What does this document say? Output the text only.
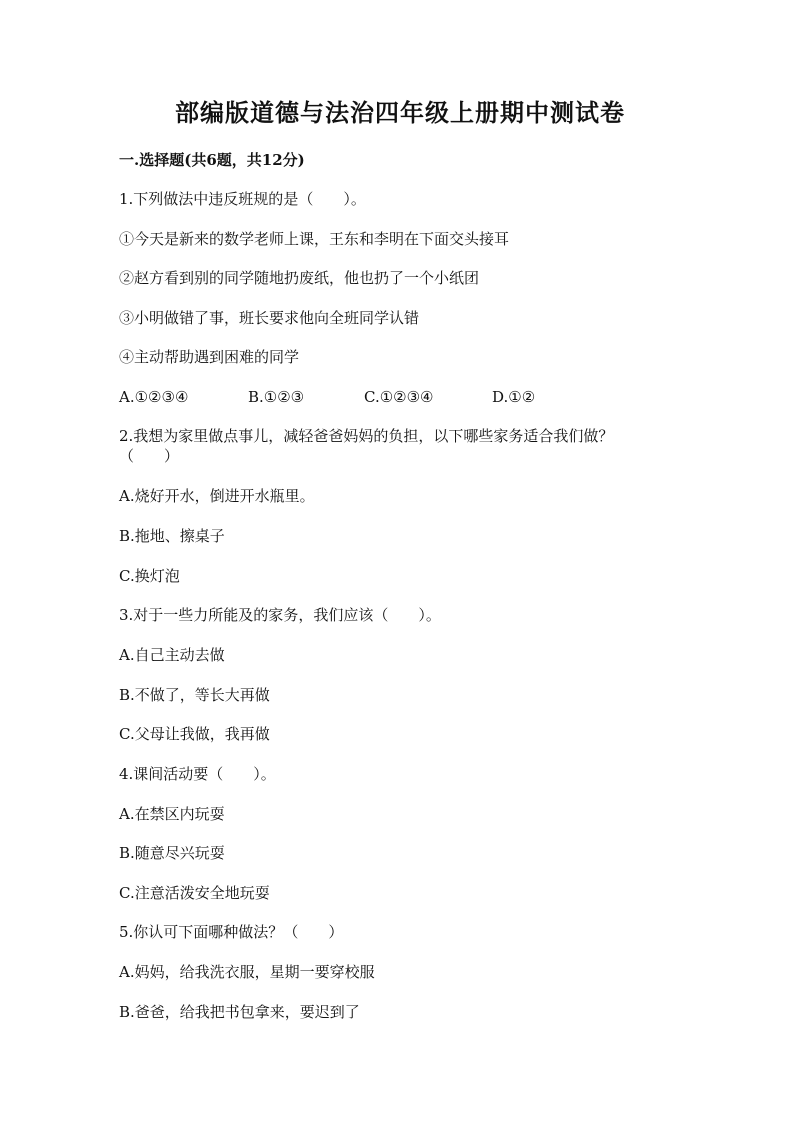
部编版道德与法治四年级上册期中测试卷
一.选择题(共6题，共12分)
1.下列做法中违反班规的是（　　）。
①今天是新来的数学老师上课，王东和李明在下面交头接耳
②赵方看到别的同学随地扔废纸，他也扔了一个小纸团
③小明做错了事，班长要求他向全班同学认错
④主动帮助遇到困难的同学
A.①②③④	B.①②③	C.①②③④	D.①②
2.我想为家里做点事儿，减轻爸爸妈妈的负担，以下哪些家务适合我们做？
（　　）
A.烧好开水，倒进开水瓶里。
B.拖地、擦桌子
C.换灯泡
3.对于一些力所能及的家务，我们应该（　　）。
A.自己主动去做
B.不做了，等长大再做
C.父母让我做，我再做
4.课间活动要（　　）。
A.在禁区内玩耍
B.随意尽兴玩耍
C.注意活泼安全地玩耍
5.你认可下面哪种做法？（　　）
A.妈妈，给我洗衣服，星期一要穿校服
B.爸爸，给我把书包拿来，要迟到了
